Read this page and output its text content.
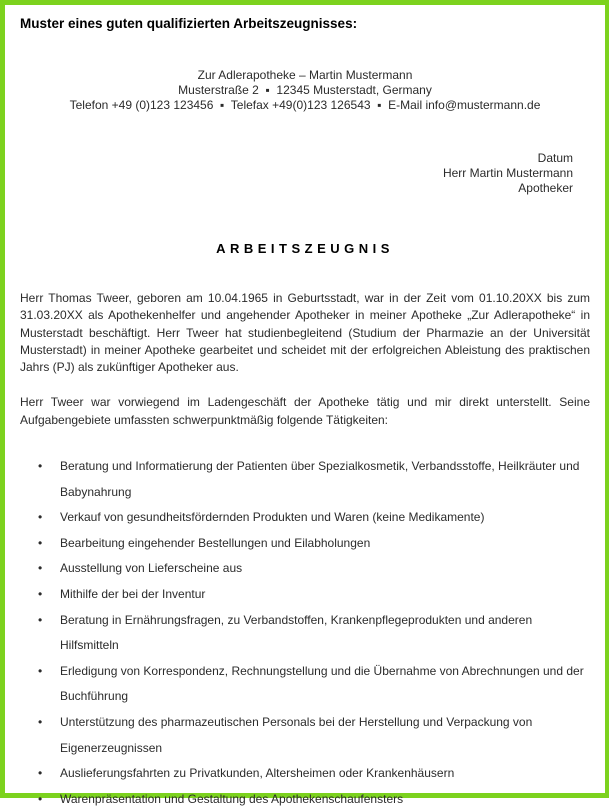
Muster eines guten qualifizierten Arbeitszeugnisses:
Zur Adlerapotheke – Martin Mustermann
Musterstraße 2  ▪  12345 Musterstadt, Germany
Telefon +49 (0)123 123456  ▪  Telefax +49(0)123 126543  ▪  E-Mail info@mustermann.de
Datum
Herr Martin Mustermann
Apotheker
ARBEITSZEUGNIS

Herr Thomas Tweer, geboren am 10.04.1965 in Geburtsstadt, war in der Zeit vom 01.10.20XX bis zum 31.03.20XX als Apothekenhelfer und angehender Apotheker in meiner Apotheke „Zur Adlerapotheke“ in Musterstadt beschäftigt. Herr Tweer hat studienbegleitend (Studium der Pharmazie an der Universität Musterstadt) in meiner Apotheke gearbeitet und scheidet mit der erfolgreichen Ableistung des praktischen Jahrs (PJ) als zukünftiger Apotheker aus.

Herr Tweer war vorwiegend im Ladengeschäft der Apotheke tätig und mir direkt unterstellt. Seine Aufgabengebiete umfassten schwerpunktmäßig folgende Tätigkeiten:

• Beratung und Informatierung der Patienten über Spezialkosmetik, Verbandsstoffe, Heilkräuter und Babynahrung
• Verkauf von gesundheitsfördernden Produkten und Waren (keine Medikamente)
• Bearbeitung eingehender Bestellungen und Eilabholungen
• Ausstellung von Lieferscheine aus
• Mithilfe der bei der Inventur
• Beratung in Ernährungsfragen, zu Verbandstoffen, Krankenpflegeprodukten und anderen Hilfsmitteln
• Erledigung von Korrespondenz, Rechnungstellung und die Übernahme von Abrechnungen und der Buchführung
• Unterstützung des pharmazeutischen Personals bei der Herstellung und Verpackung von Eigenerzeugnissen
• Auslieferungsfahrten zu Privatkunden, Altersheimen oder Krankenhäusern
• Warenpräsentation und Gestaltung des Apothekenschaufensters
